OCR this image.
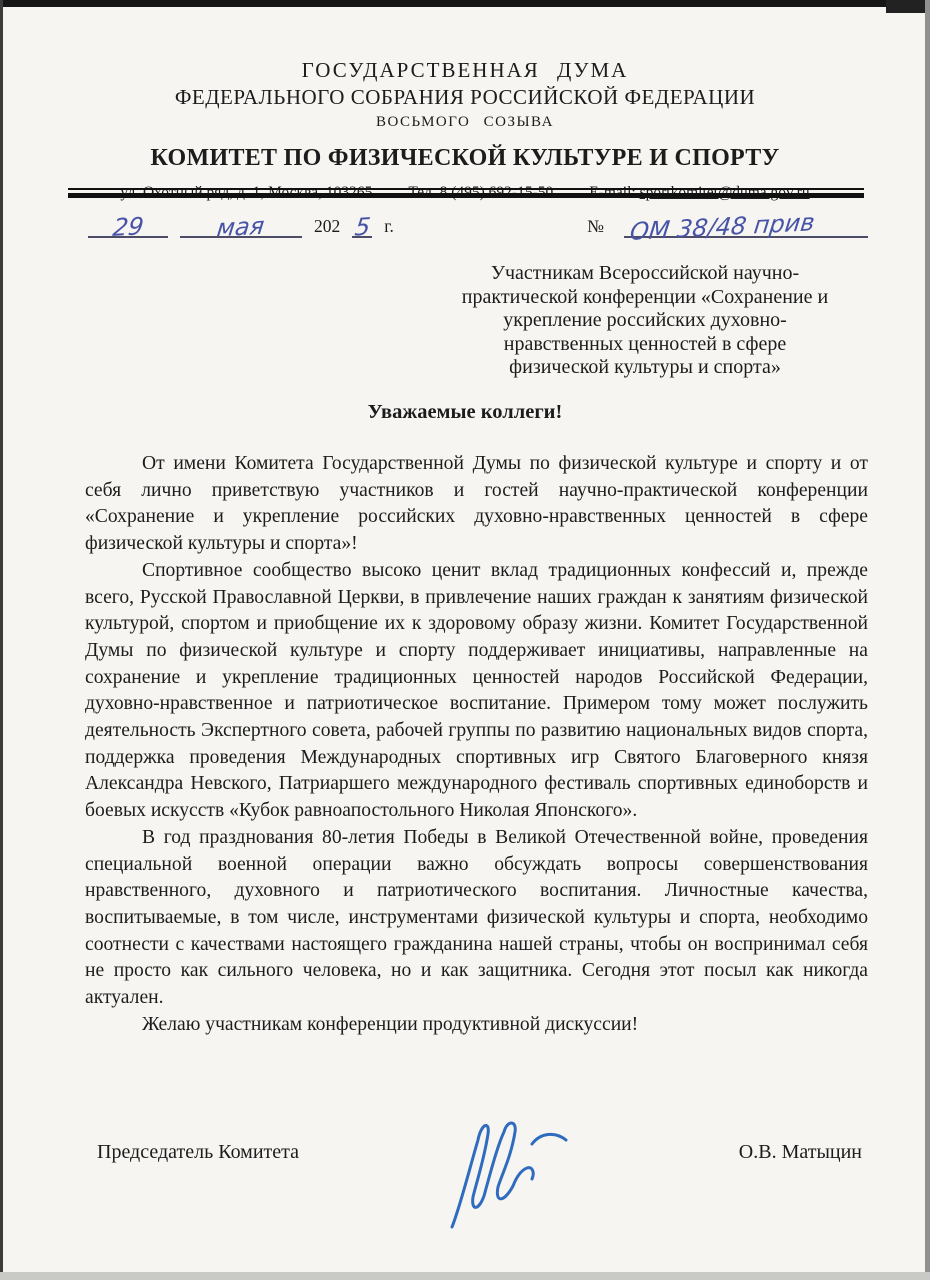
ГОСУДАРСТВЕННАЯ ДУМА
ФЕДЕРАЛЬНОГО СОБРАНИЯ РОССИЙСКОЙ ФЕДЕРАЦИИ
ВОСЬМОГО СОЗЫВА
КОМИТЕТ ПО ФИЗИЧЕСКОЙ КУЛЬТУРЕ И СПОРТУ
29	мая	202 5 г.	№ ОМ 38/48 прив
Участникам Всероссийской научно-
практической конференции «Сохранение и
укрепление российских духовно-
нравственных ценностей в сфере
физической культуры и спорта»
Уважаемые коллеги!

От имени Комитета Государственной Думы по физической культуре и спорту и от себя лично приветствую участников и гостей научно-практической конференции «Сохранение и укрепление российских духовно-нравственных ценностей в сфере физической культуры и спорта»!

Спортивное сообщество высоко ценит вклад традиционных конфессий и, прежде всего, Русской Православной Церкви, в привлечение наших граждан к занятиям физической культурой, спортом и приобщение их к здоровому образу жизни. Комитет Государственной Думы по физической культуре и спорту поддерживает инициативы, направленные на сохранение и укрепление традиционных ценностей народов Российской Федерации, духовно-нравственное и патриотическое воспитание. Примером тому может послужить деятельность Экспертного совета, рабочей группы по развитию национальных видов спорта, поддержка проведения Международных спортивных игр Святого Благоверного князя Александра Невского, Патриаршего международного фестиваль спортивных единоборств и боевых искусств «Кубок равноапостольного Николая Японского».

В год празднования 80-летия Победы в Великой Отечественной войне, проведения специальной военной операции важно обсуждать вопросы совершенствования нравственного, духовного и патриотического воспитания. Личностные качества, воспитываемые, в том числе, инструментами физической культуры и спорта, необходимо соотнести с качествами настоящего гражданина нашей страны, чтобы он воспринимал себя не просто как сильного человека, но и как защитника. Сегодня этот посыл как никогда актуален.

Желаю участникам конференции продуктивной дискуссии!

Председатель Комитета	О.В. Матыцин
